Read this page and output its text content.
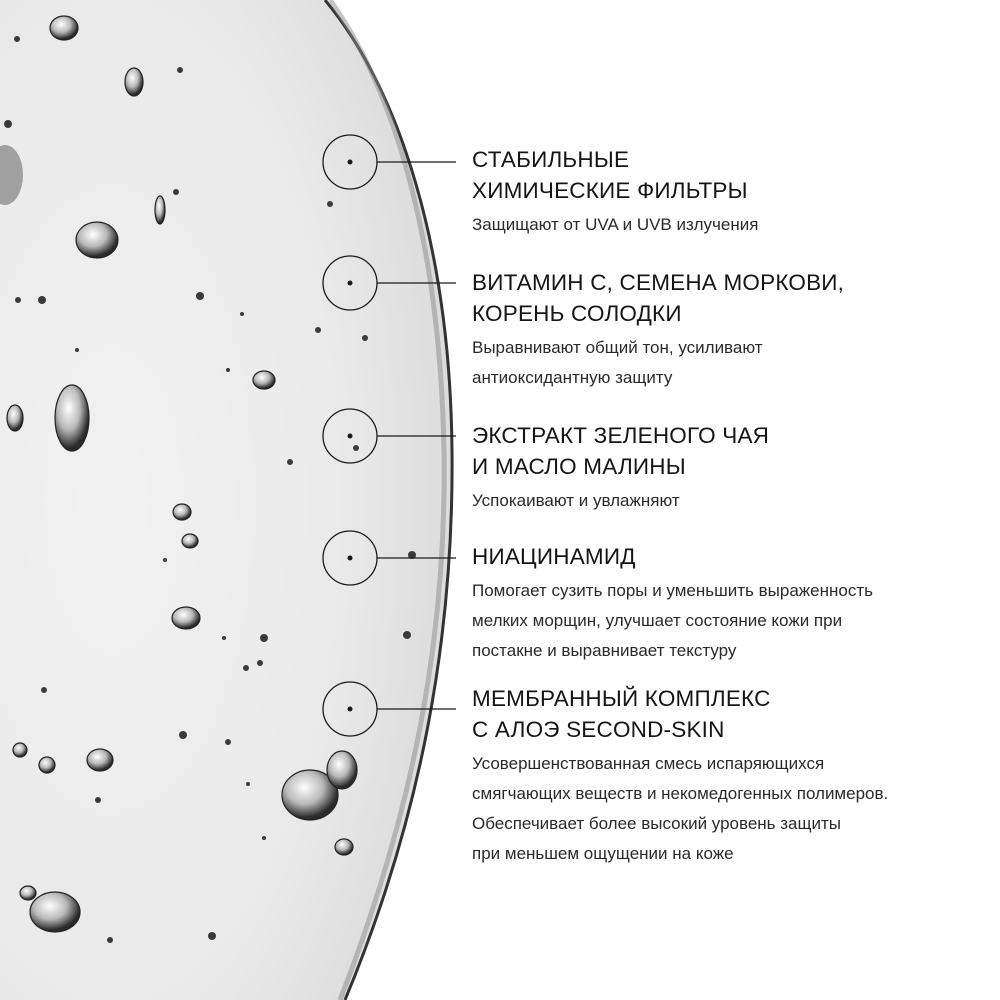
СТАБИЛЬНЫЕ
ХИМИЧЕСКИЕ ФИЛЬТРЫ
Защищают от UVA и UVB излучения
ВИТАМИН С, СЕМЕНА МОРКОВИ,
КОРЕНЬ СОЛОДКИ
Выравнивают общий тон, усиливают
антиоксидантную защиту
ЭКСТРАКТ ЗЕЛЕНОГО ЧАЯ
И МАСЛО МАЛИНЫ
Успокаивают и увлажняют
НИАЦИНАМИД
Помогает сузить поры и уменьшить выраженность
мелких морщин, улучшает состояние кожи при
постакне и выравнивает текстуру
МЕМБРАННЫЙ КОМПЛЕКС
С АЛОЭ SECOND-SKIN
Усовершенствованная смесь испаряющихся
смягчающих веществ и некомедогенных полимеров.
Обеспечивает более высокий уровень защиты
при меньшем ощущении на коже
